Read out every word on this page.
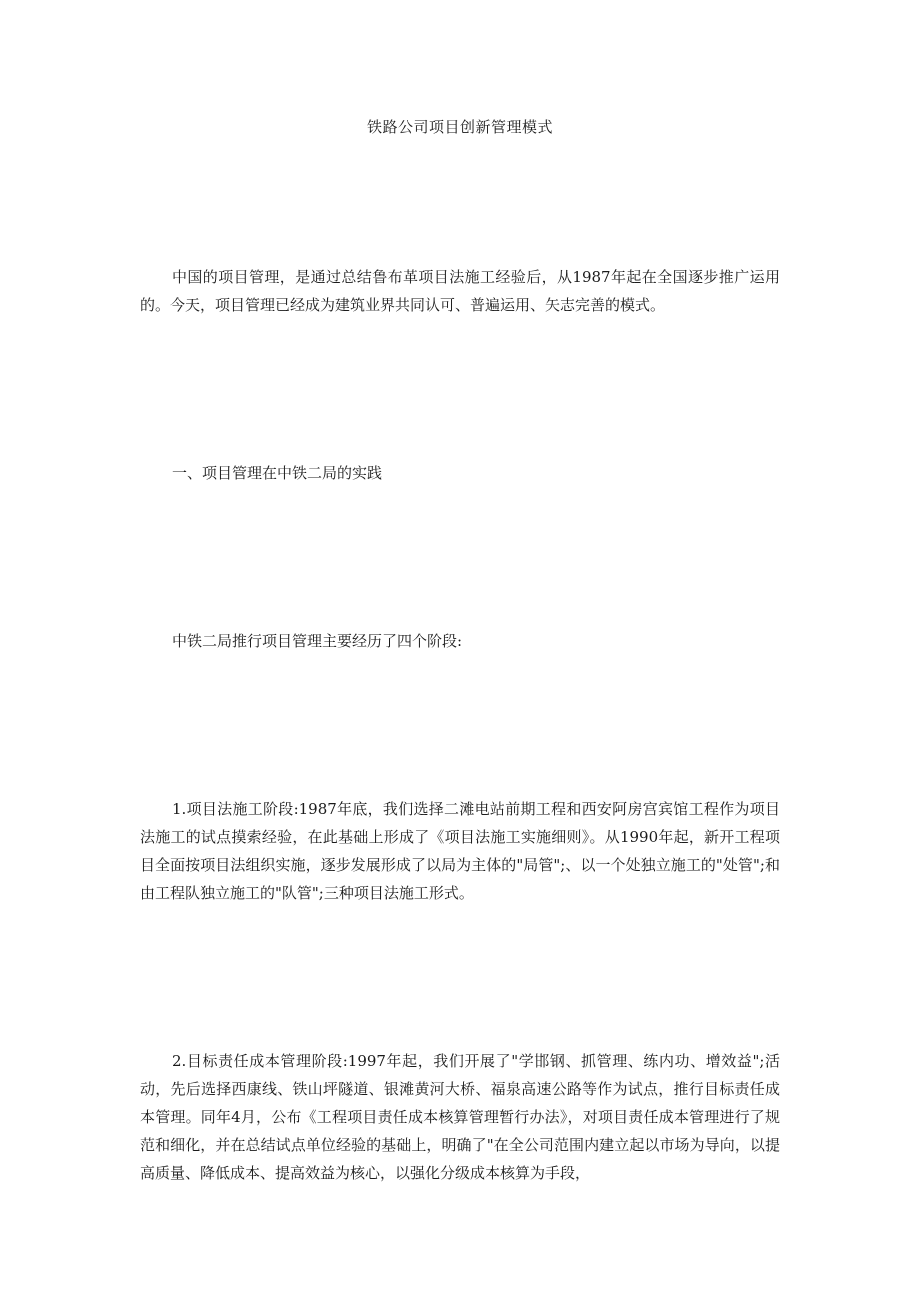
铁路公司项目创新管理模式

中国的项目管理，是通过总结鲁布革项目法施工经验后，从1987年起在全国逐步推广运用的。今天，项目管理已经成为建筑业界共同认可、普遍运用、矢志完善的模式。

一、项目管理在中铁二局的实践

中铁二局推行项目管理主要经历了四个阶段:

1.项目法施工阶段:1987年底，我们选择二滩电站前期工程和西安阿房宫宾馆工程作为项目法施工的试点摸索经验，在此基础上形成了《项目法施工实施细则》。从1990年起，新开工程项目全面按项目法组织实施，逐步发展形成了以局为主体的"局管";、以一个处独立施工的"处管";和由工程队独立施工的"队管";三种项目法施工形式。

2.目标责任成本管理阶段:1997年起，我们开展了"学邯钢、抓管理、练内功、增效益";活动，先后选择西康线、铁山坪隧道、银滩黄河大桥、福泉高速公路等作为试点，推行目标责任成本管理。同年4月，公布《工程项目责任成本核算管理暂行办法》，对项目责任成本管理进行了规范和细化，并在总结试点单位经验的基础上，明确了"在全公司范围内建立起以市场为导向，以提高质量、降低成本、提高效益为核心，以强化分级成本核算为手段，
